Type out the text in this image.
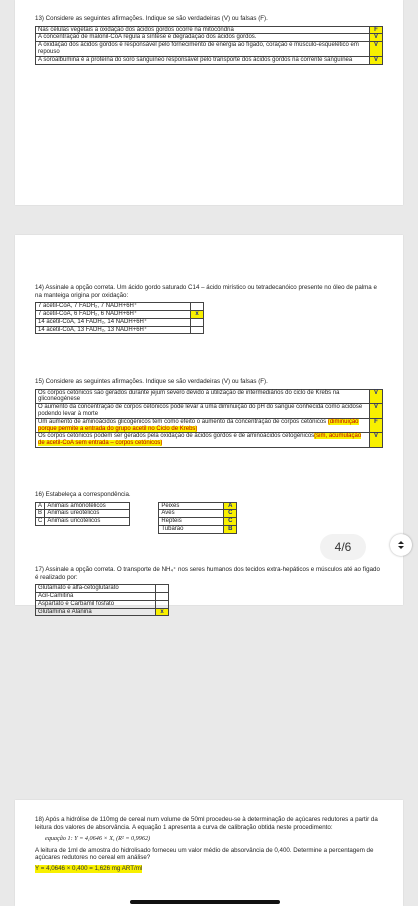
13) Considere as seguintes afirmações. Indique se são verdadeiras (V) ou falsas (F).

Nas células vegetais a oxidação dos ácidos gordos ocorre na mitocôndria	F
A concentração de malonil-CoA regula a síntese e degradação dos ácidos gordos.	V
A oxidação dos ácidos gordos é responsável pelo fornecimento de energia ao fígado, coração e músculo-esquelético em repouso	V
A soroalbumina é a proteína do soro sanguíneo responsável pelo transporte dos ácidos gordos na corrente sanguínea	V

14) Assinale a opção correta. Um ácido gordo saturado C14 – ácido mirístico ou tetradecanóico presente no óleo de palma e na manteiga origina por oxidação:

7 acetil-CoA, 7 FADH₂, 7 NADH+6H⁺	
7 acetil-CoA, 6 FADH₂, 6 NADH+6H⁺	x
14 acetil-CoA, 14 FADH₂, 14 NADH+6H⁺	
14 acetil-CoA, 13 FADH₂, 13 NADH+6H⁺	

15) Considere as seguintes afirmações. Indique se são verdadeiras (V) ou falsas (F).

Os corpos cetónicos são gerados durante jejum severo devido à utilização de intermediários do ciclo de Krebs na gliconeogénese	V
O aumento da concentração de corpos cetónicos pode levar a uma diminuição do pH do sangue conhecida como acidose podendo levar à morte	V
Um aumento de aminoácidos glicogénicos tem como efeito o aumento da concentração de corpos cetónicos (diminuição porque permite a entrada do grupo acetil no Ciclo de Krebs)	F
Os corpos cetónicos podem ser gerados pela oxidação de ácidos gordos e de aminoácidos cetogénicos(sim, acumulação de acetil-CoA sem entrada – corpos cetónicos)	V

16) Estabeleça a correspondência.

A	Animais amónotélicos
B	Animais ureotélicos
C	Animais uricotélicos
Peixes	A
Aves	C
Repteis	C
Tubarão	B

17) Assinale a opção correta. O transporte de NH₄⁺ nos seres humanos dos tecidos extra-hepáticos e músculos até ao fígado é realizado por:

Glutamato e alfa-cetoglutarato	
Acil-Camitina	
Aspartato e Carbamil fosfato	
Glutamina e Alanina	x

18) Após a hidrólise de 110mg de cereal num volume de 50ml procedeu-se à determinação de açúcares redutores a partir da leitura dos valores de absorvância. A equação 1 apresenta a curva de calibração obtida neste procedimento:

equação 1: Y = 4,0646 × X, (R² = 0,9962)

A leitura de 1ml de amostra do hidrolisado forneceu um valor médio de absorvância de 0,400. Determine a percentagem de açúcares redutores no cereal em análise?

Y = 4,0646 × 0,400 = 1,626 mg ART/ml
4/6
